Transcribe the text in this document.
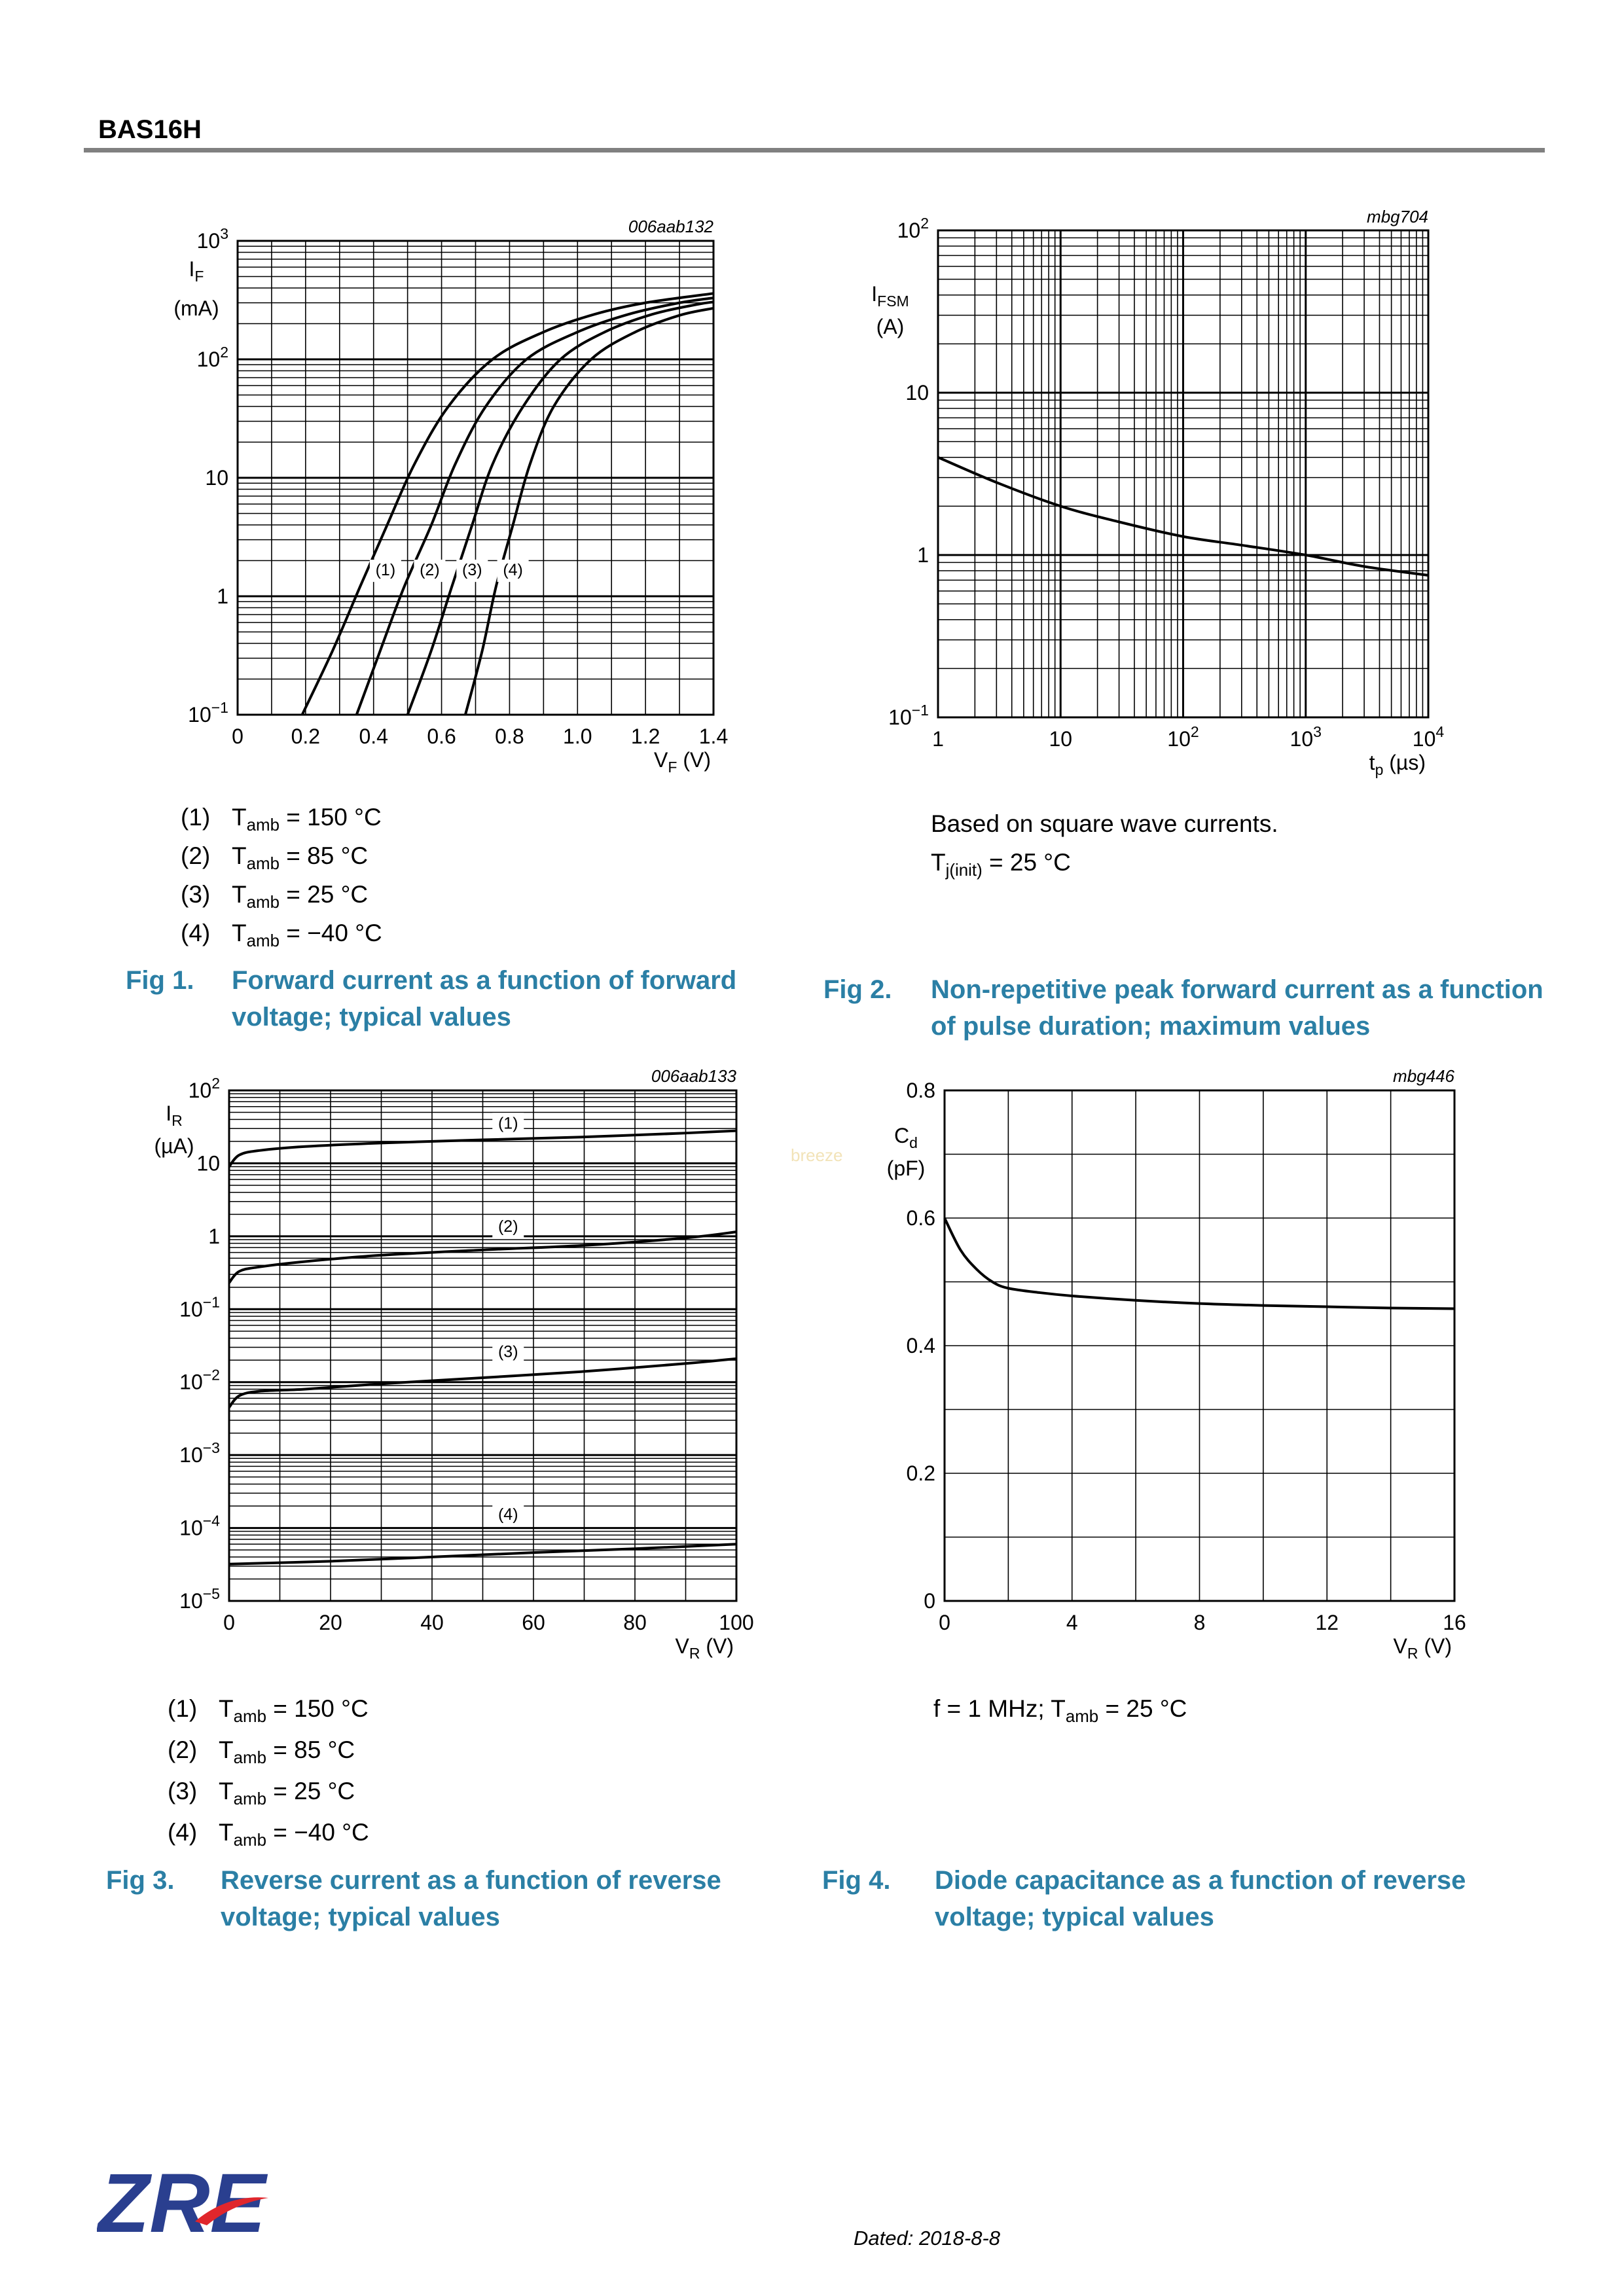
BAS16H
(1) (2) (3) (4)
0 0.2 0.4 0.6 0.8 1.0 1.2 1.4
$10^3$
$10^2$
10
1
$10^{-1}$
$V_F$ (V)
$I_F$
(mA)
006aab132
1	10	$10^2$	$10^3$	$10^4$
$10^2$
10
1
$10^{-1}$
$t_p$ (µs)
$I_{FSM}$
(A)
mbg704
(1)
(2)
(3)
(4)
0	20	40	60	80	100
$10^2$
10
1
$10^{-1}$
$10^{-2}$
$10^{-3}$
$10^{-4}$
$10^{-5}$
$V_R$ (V)
$I_R$
(µA)
006aab133
0	4	8	12	16
0
0.2
0.4
0.6
0.8
$V_R$ (V)
$C_d$
(pF)
mbg446
(1) $T_{amb} = 150$ °C
(2) $T_{amb} = 85$ °C
(3) $T_{amb} = 25$ °C
(4) $T_{amb} = -40$ °C
Fig 1. Forward current as a function of forward voltage; typical values
Based on square wave currents.
$T_{j(init)} = 25$ °C
Fig 2. Non-repetitive peak forward current as a function of pulse duration; maximum values
(1) $T_{amb} = 150$ °C
(2) $T_{amb} = 85$ °C
(3) $T_{amb} = 25$ °C
(4) $T_{amb} = -40$ °C
Fig 3. Reverse current as a function of reverse voltage; typical values
f = 1 MHz; $T_{amb} = 25$ °C
Fig 4. Diode capacitance as a function of reverse voltage; typical values
breeze
ZRE	Dated: 2018-8-8
